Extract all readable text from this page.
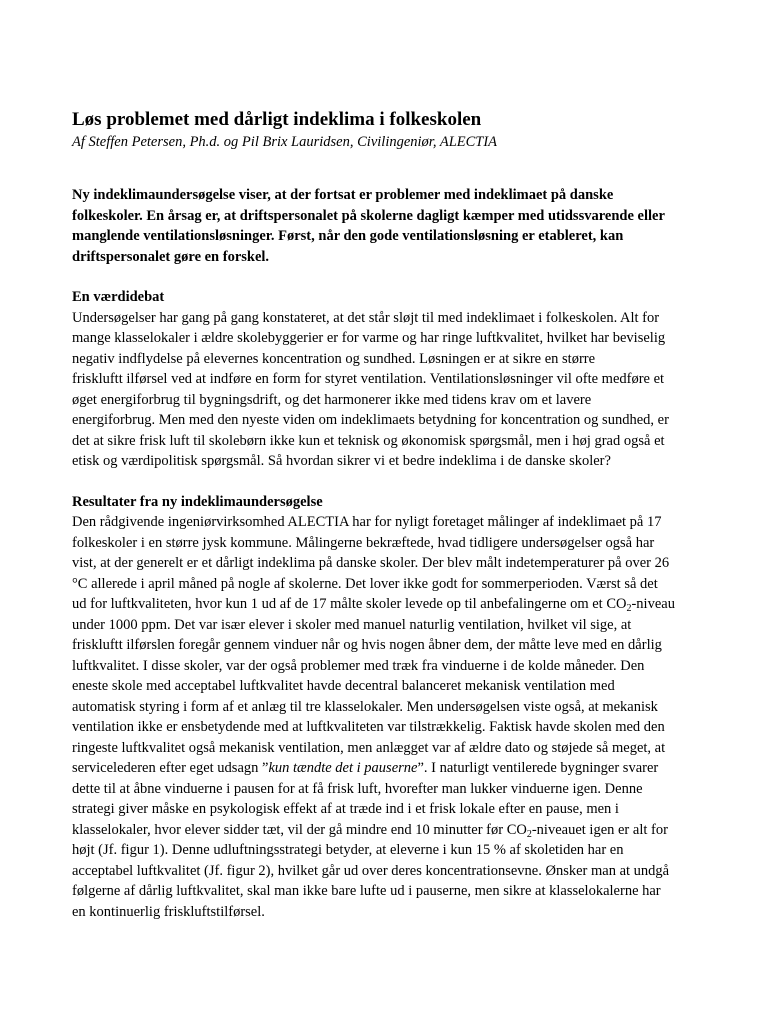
Løs problemet med dårligt indeklima i folkeskolen

Af Steffen Petersen, Ph.d. og Pil Brix Lauridsen, Civilingeniør, ALECTIA

Ny indeklimaundersøgelse viser, at der fortsat er problemer med indeklimaet på danske
folkeskoler. En årsag er, at driftspersonalet på skolerne dagligt kæmper med utidssvarende eller
manglende ventilationsløsninger. Først, når den gode ventilationsløsning er etableret, kan
driftspersonalet gøre en forskel.
En værdidebat
Undersøgelser har gang på gang konstateret, at det står sløjt til med indeklimaet i folkeskolen. Alt for
mange klasselokaler i ældre skolebyggerier er for varme og har ringe luftkvalitet, hvilket har beviselig
negativ indflydelse på elevernes koncentration og sundhed. Løsningen er at sikre en større
friskluftt ilførsel ved at indføre en form for styret ventilation. Ventilationsløsninger vil ofte medføre et
øget energiforbrug til bygningsdrift, og det harmonerer ikke med tidens krav om et lavere
energiforbrug. Men med den nyeste viden om indeklimaets betydning for koncentration og sundhed, er
det at sikre frisk luft til skolebørn ikke kun et teknisk og økonomisk spørgsmål, men i høj grad også et
etisk og værdipolitisk spørgsmål. Så hvordan sikrer vi et bedre indeklima i de danske skoler?
Resultater fra ny indeklimaundersøgelse
Den rådgivende ingeniørvirksomhed ALECTIA har for nyligt foretaget målinger af indeklimaet på 17
folkeskoler i en større jysk kommune. Målingerne bekræftede, hvad tidligere undersøgelser også har
vist, at der generelt er et dårligt indeklima på danske skoler. Der blev målt indetemperaturer på over 26
°C allerede i april måned på nogle af skolerne. Det lover ikke godt for sommerperioden. Værst så det
ud for luftkvaliteten, hvor kun 1 ud af de 17 målte skoler levede op til anbefalingerne om et $CO_2$-niveau
under 1000 ppm. Det var især elever i skoler med manuel naturlig ventilation, hvilket vil sige, at
friskluftt ilførslen foregår gennem vinduer når og hvis nogen åbner dem, der måtte leve med en dårlig
luftkvalitet. I disse skoler, var der også problemer med træk fra vinduerne i de kolde måneder. Den
eneste skole med acceptabel luftkvalitet havde decentral balanceret mekanisk ventilation med
automatisk styring i form af et anlæg til tre klasselokaler. Men undersøgelsen viste også, at mekanisk
ventilation ikke er ensbetydende med at luftkvaliteten var tilstrækkelig. Faktisk havde skolen med den
ringeste luftkvalitet også mekanisk ventilation, men anlægget var af ældre dato og støjede så meget, at
servicelederen efter eget udsagn ”kun tændte det i pauserne”. I naturligt ventilerede bygninger svarer
dette til at åbne vinduerne i pausen for at få frisk luft, hvorefter man lukker vinduerne igen. Denne
strategi giver måske en psykologisk effekt af at træde ind i et frisk lokale efter en pause, men i
klasselokaler, hvor elever sidder tæt, vil der gå mindre end 10 minutter før $CO_2$-niveauet igen er alt for
højt (Jf. figur 1). Denne udluftningsstrategi betyder, at eleverne i kun 15 % af skoletiden har en
acceptabel luftkvalitet (Jf. figur 2), hvilket går ud over deres koncentrationsevne. Ønsker man at undgå
følgerne af dårlig luftkvalitet, skal man ikke bare lufte ud i pauserne, men sikre at klasselokalerne har
en kontinuerlig friskluftstilførsel.
